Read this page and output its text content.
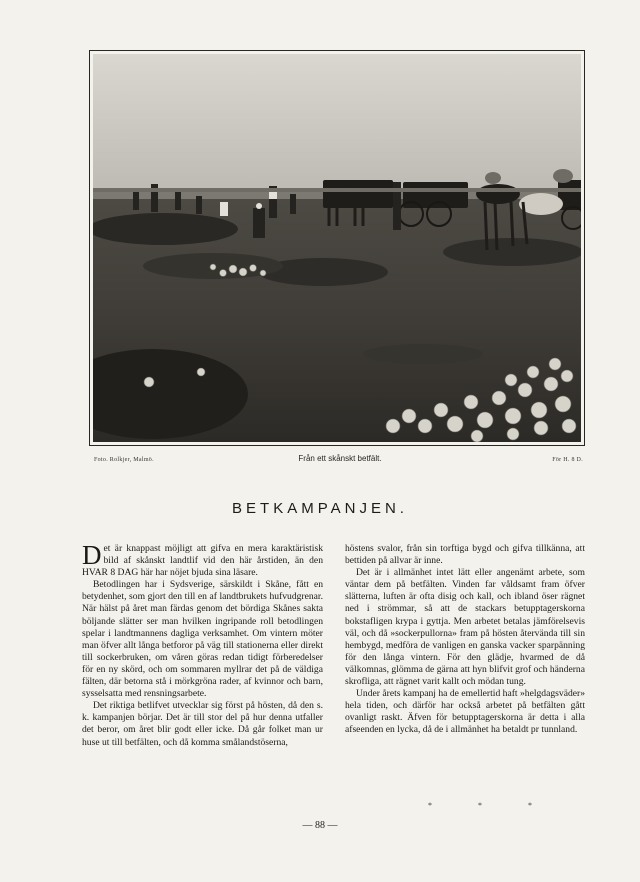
Foto. Rolkjer, Malmö.	Från ett skånskt betfält.	För H. 8 D.
BETKAMPANJEN.

Det är knappast möjligt att gifva en mera karaktäristisk bild af skånskt landtlif vid den här årstiden, än den HVAR 8 DAG här har nöjet bjuda sina läsare.

Betodlingen har i Sydsverige, särskildt i Skåne, fått en betydenhet, som gjort den till en af landtbrukets hufvudgrenar. När hälst på året man färdas genom det bördiga Skånes sakta böljande slätter ser man hvilken ingripande roll betodlingen spelar i landtmannens dagliga verksamhet. Om vintern möter man öfver allt långa betforor på väg till stationerna eller direkt till sockerbruken, om våren göras redan tidigt förberedelser för en ny skörd, och om sommaren myllrar det på de väldiga fälten, där betorna stå i mörkgröna rader, af kvinnor och barn, sysselsatta med rensningsarbete.

Det riktiga betlifvet utvecklar sig först på hösten, då den s. k. kampanjen börjar. Det är till stor del på hur denna utfaller det beror, om året blir godt eller icke. Då går folket man ur huse ut till betfälten, och då komma smålandstöserna,

höstens svalor, från sin torftiga bygd och gifva tillkänna, att bettiden på allvar är inne.

Det är i allmänhet intet lätt eller angenämt arbete, som väntar dem på betfälten. Vinden far våldsamt fram öfver slätterna, luften är ofta disig och kall, och ibland öser rägnet ned i strömmar, så att de stackars betupptagerskorna bokstafligen krypa i gyttja. Men arbetet betalas jämförelsevis väl, och då »sockerpullorna» fram på hösten återvända till sin hembygd, medföra de vanligen en ganska vacker sparpänning för den långa vintern. För den glädje, hvarmed de då välkomnas, glömma de gärna att hyn blifvit grof och händerna skrofliga, att rägnet varit kallt och mödan tung.

Under årets kampanj ha de emellertid haft »helgdagsväder» hela tiden, och därför har också arbetet på betfälten gått ovanligt raskt. Äfven för betupptagerskorna är detta i alla afseenden en lycka, då de i allmänhet ha betaldt pr tunnland.

* * *
— 88 —
